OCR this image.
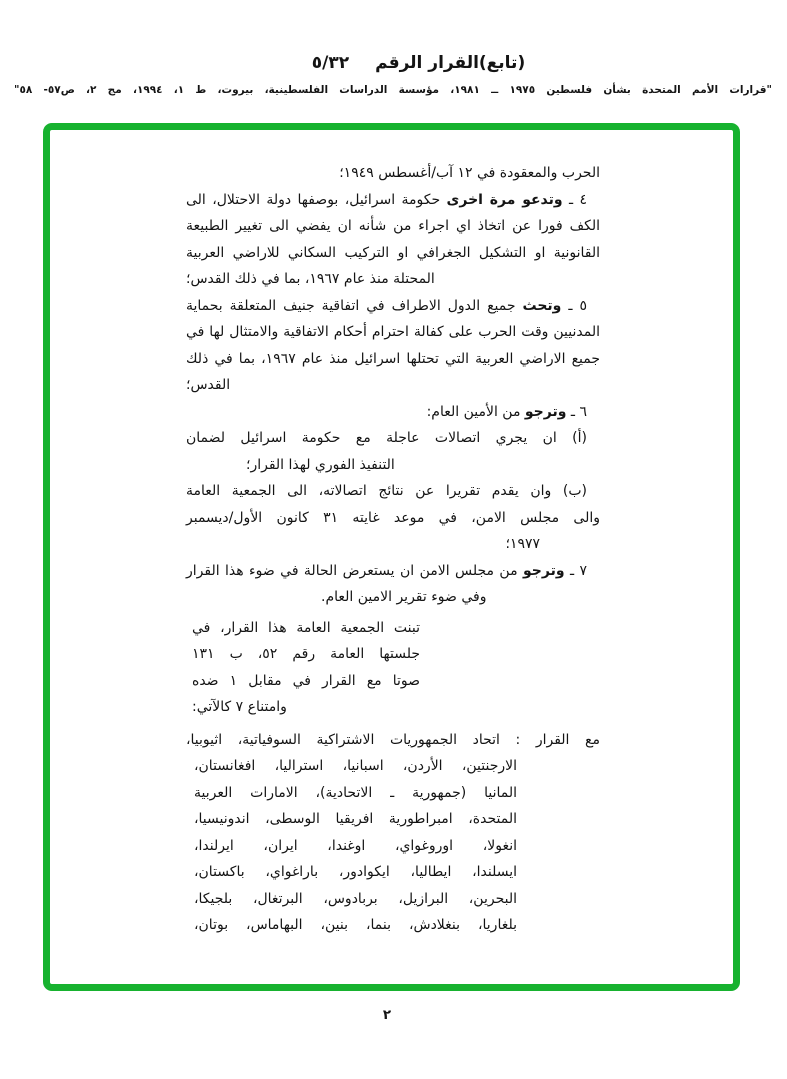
(تابع)القرار الرقم٥/٣٢
"قرارات الأمم المتحدة بشأن فلسطين ١٩٧٥ ــ ١٩٨١، مؤسسة الدراسات الفلسطينية، بيروت، ط ١، ١٩٩٤، مج ٢، ص٥٧- ٥٨"
الحرب والمعقودة في ١٢ آب/أغسطس ١٩٤٩؛
٤ ـ وتدعو مرة اخرى حكومة اسرائيل، بوصفها دولة الاحتلال، الى
الكف فورا عن اتخاذ اي اجراء من شأنه ان يفضي الى تغيير الطبيعة
القانونية او التشكيل الجغرافي او التركيب السكاني للاراضي العربية
المحتلة منذ عام ١٩٦٧، بما في ذلك القدس؛
٥ ـ وتحث جميع الدول الاطراف في اتفاقية جنيف المتعلقة بحماية
المدنيين وقت الحرب على كفالة احترام أحكام الاتفاقية والامتثال لها في
جميع الاراضي العربية التي تحتلها اسرائيل منذ عام ١٩٦٧، بما في ذلك
القدس؛
٦ ـ وترجو من الأمين العام:
(أ) ان يجري اتصالات عاجلة مع حكومة اسرائيل لضمان
التنفيذ الفوري لهذا القرار؛
(ب) وان يقدم تقريرا عن نتائج اتصالاته، الى الجمعية العامة
والى مجلس الامن، في موعد غايته ٣١ كانون الأول/ديسمبر
١٩٧٧؛
٧ ـ وترجو من مجلس الامن ان يستعرض الحالة في ضوء هذا القرار
وفي ضوء تقرير الامين العام.
تبنت الجمعية العامة هذا القرار، في
جلستها العامة رقم ٥٢، ب ١٣١
صوتا مع القرار في مقابل ١ ضده
وامتناع ٧ كالآتي:
مع القرار : اتحاد الجمهوريات الاشتراكية السوفياتية، اثيوبيا،
الارجنتين، الأردن، اسبانيا، استراليا، افغانستان،
المانيا (جمهورية ـ الاتحادية)، الامارات العربية
المتحدة، امبراطورية افريقيا الوسطى، اندونيسيا،
انغولا، اوروغواي، اوغندا، ايران، ايرلندا،
ايسلندا، ايطاليا، ايكوادور، باراغواي، باكستان،
البحرين، البرازيل، بربادوس، البرتغال، بلجيكا،
بلغاريا، بنغلادش، بنما، بنين، البهاماس، بوتان،
٢
